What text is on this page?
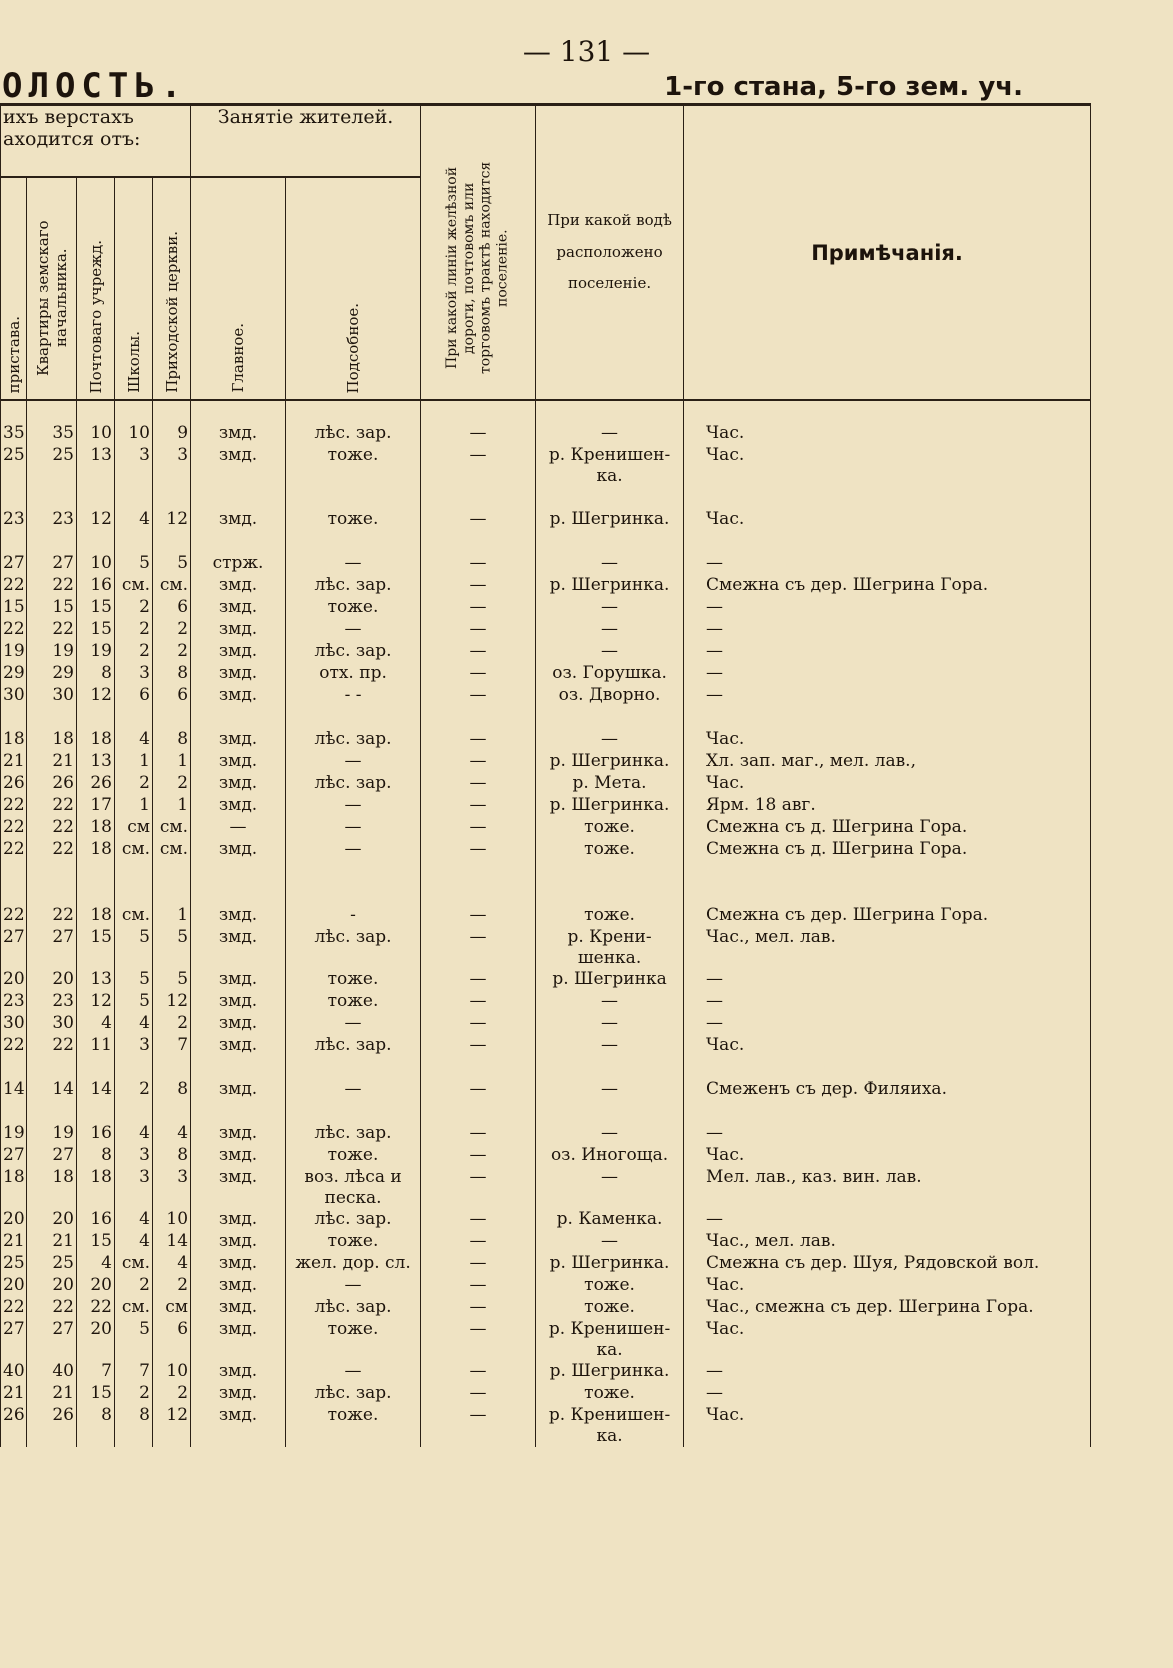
— 131 —
ОЛОСТЬ.	1-го стана, 5-го зем. уч.
ихъ верстахъ аходится отъ:					Занятіе жителей.		При какой линіи желѣзной дороги, почтовомъ или торговомъ трактѣ находится поселеніе.	При какой водѣ расположено поселеніе.	Примѣчанія.

пристава.	Квартиры земскаго начальника.	Почтоваго учрежд.	Школы.	Приходской церкви.	Главное.	Подсобное.			

35	35	10	10	9	змд.	лѣс. зар.	—	—	Час.
25	25	13	3	3	змд.	тоже.	—	р. Кренишен-ка.	Час.

23	23	12	4	12	змд.	тоже.	—	р. Шегринка.	Час.

27	27	10	5	5	стрж.	—	—	—	—
22	22	16	см.	см.	змд.	лѣс. зар.	—	р. Шегринка.	Смежна съ дер. Шегрина Гора.
15	15	15	2	6	змд.	тоже.	—	—	—
22	22	15	2	2	змд.	—	—	—	—
19	19	19	2	2	змд.	лѣс. зар.	—	—	—
29	29	8	3	8	змд.	отх. пр.	—	оз. Горушка.	—
30	30	12	6	6	змд.	- -	—	оз. Дворно.	—

18	18	18	4	8	змд.	лѣс. зар.	—	—	Час.
21	21	13	1	1	змд.	—	—	р. Шегринка.	Хл. зап. маг., мел. лав.,
26	26	26	2	2	змд.	лѣс. зар.	—	р. Мета.	Час.
22	22	17	1	1	змд.	—	—	р. Шегринка.	Ярм. 18 авг.
22	22	18	см	см.	—	—	—	тоже.	Смежна съ д. Шегрина Гора.
22	22	18	см.	см.	змд.	—	—	тоже.	Смежна съ д. Шегрина Гора.

22	22	18	см.	1	змд.	-	—	тоже.	Смежна съ дер. Шегрина Гора.
27	27	15	5	5	змд.	лѣс. зар.	—	р. Крени-шенка.	Час., мел. лав.
20	20	13	5	5	змд.	тоже.	—	р. Шегринка	—
23	23	12	5	12	змд.	тоже.	—	—	—
30	30	4	4	2	змд.	—	—	—	—
22	22	11	3	7	змд.	лѣс. зар.	—	—	Час.

14	14	14	2	8	змд.	—	—	—	Смеженъ съ дер. Филяиха.

19	19	16	4	4	змд.	лѣс. зар.	—	—	—
27	27	8	3	8	змд.	тоже.	—	оз. Иногоща.	Час.
18	18	18	3	3	змд.	воз. лѣса и песка.	—	—	Мел. лав., каз. вин. лав.
20	20	16	4	10	змд.	лѣс. зар.	—	р. Каменка.	—
21	21	15	4	14	змд.	тоже.	—	—	Час., мел. лав.
25	25	4	см.	4	змд.	жел. дор. сл.	—	р. Шегринка.	Смежна съ дер. Шуя, Рядовской вол.
20	20	20	2	2	змд.	—	—	тоже.	Час.
22	22	22	см.	см	змд.	лѣс. зар.	—	тоже.	Час., смежна съ дер. Шегрина Гора.
27	27	20	5	6	змд.	тоже.	—	р. Кренишен-ка.	Час.
40	40	7	7	10	змд.	—	—	р. Шегринка.	—
21	21	15	2	2	змд.	лѣс. зар.	—	тоже.	—
26	26	8	8	12	змд.	тоже.	—	р. Кренишен-ка.	Час.
